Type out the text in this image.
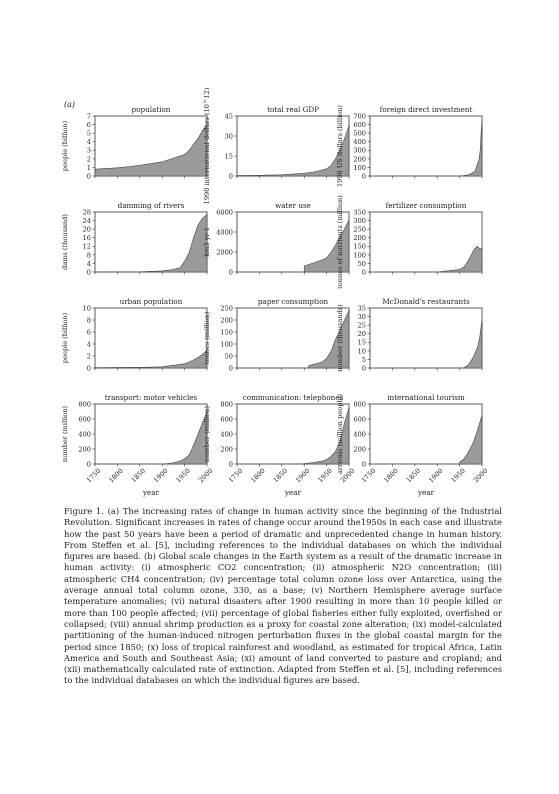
(a)
population
0
1
2
3
4
5
6
7
people (billion)
total real GDP
0
15
30
45
1990 international dollars (10^12)	foreign direct investment
0
100
200
300
400
500
600
700
1998 US dollars (billion)
damming of rivers
0
4
8
12
16
20
24
28
dams (thousand)
water use
0
2000
4000
6000
km3 yr-1
fertilizer consumption
0
50
100
150
200
250
300
350
tonnes of nutrients (million)
urban population
0
2
4
6
8
10
people (billion)
paper consumption
0
50
100
150
200
250
tonnes (million)
McDonald's restaurants
0
5
10
15
20
25
30
35
number (thousands)
transport: motor vehicles
0
200
400
600
800
number (million)
1750 1800 1850 1900 1950 2000
year
communication: telephones
0
200
400
600
800
number (million)
1750 1800 1850 1900 1950 2000
year
international tourism
0
200
400
600
800
arrivals (million people)
1750 1800 1850 1900 1950 2000
year
Figure 1. (a) The increasing rates of change in human activity since the beginning of the Industrial Revolution. Significant increases in rates of change occur around the1950s in each case and illustrate how the past 50 years have been a period of dramatic and unprecedented change in human history. From Steffen et al. [5], including references to the individual databases on which the individual figures are based. (b) Global scale changes in the Earth system as a result of the dramatic increase in human activity: (i) atmospheric CO2 concentration; (ii) atmospheric N2O concentration; (iii) atmospheric CH4 concentration; (iv) percentage total column ozone loss over Antarctica, using the average annual total column ozone, 330, as a base; (v) Northern Hemisphere average surface temperature anomalies; (vi) natural disasters after 1900 resulting in more than 10 people killed or more than 100 people affected; (vii) percentage of global fisheries either fully exploited, overfished or collapsed; (viii) annual shrimp production as a proxy for coastal zone alteration; (ix) model-calculated partitioning of the human-induced nitrogen perturbation fluxes in the global coastal margin for the period since 1850; (x) loss of tropical rainforest and woodland, as estimated for tropical Africa, Latin America and South and Southeast Asia; (xi) amount of land converted to pasture and cropland; and (xii) mathematically calculated rate of extinction. Adapted from Steffen et al. [5], including references to the individual databases on which the individual figures are based.
